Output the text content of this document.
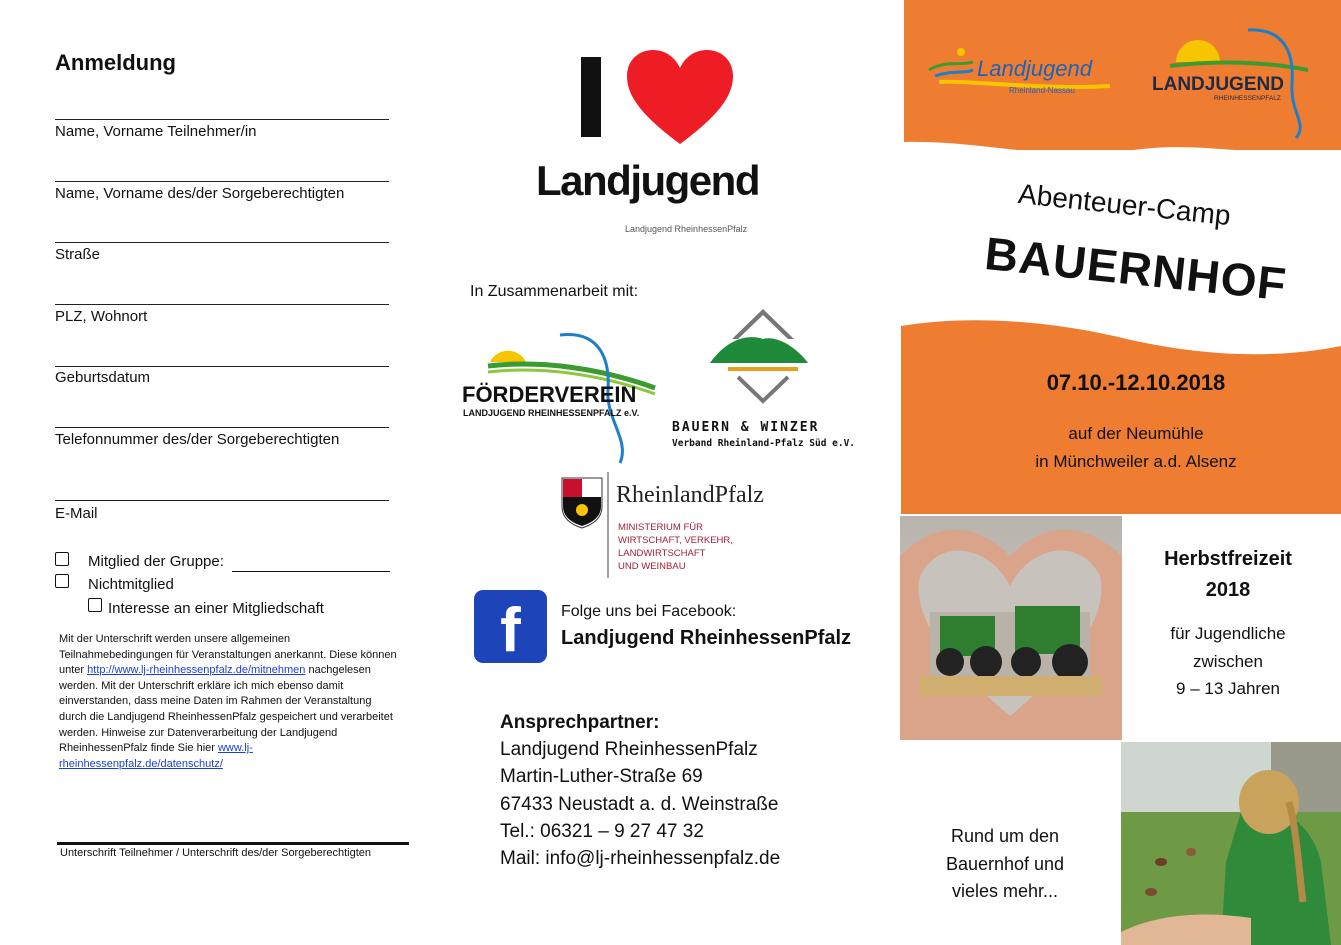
Anmeldung
Name, Vorname Teilnehmer/in
Name, Vorname des/der Sorgeberechtigten
Straße
PLZ, Wohnort
Geburtsdatum
Telefonnummer des/der Sorgeberechtigten
E-Mail
Mitglied der Gruppe:
Nichtmitglied
Interesse an einer Mitgliedschaft
Mit der Unterschrift werden unsere allgemeinen Teilnahmebedingungen für Veranstaltungen anerkannt. Diese können unter http://www.lj-rheinhessenpfalz.de/mitnehmen nachgelesen werden. Mit der Unterschrift erkläre ich mich ebenso damit einverstanden, dass meine Daten im Rahmen der Veranstaltung durch die Landjugend RheinhessenPfalz gespeichert und verarbeitet werden. Hinweise zur Datenverarbeitung der Landjugend RheinhessenPfalz finde Sie hier www.lj-rheinhessenpfalz.de/datenschutz/
Unterschrift Teilnehmer / Unterschrift des/der Sorgeberechtigten
Landjugend
Landjugend RheinhessenPfalz
In Zusammenarbeit mit:
FÖRDERVEREIN
LANDJUGEND RHEINHESSENPFALZ e.V.
BAUERN & WINZER
Verband Rheinland-Pfalz Süd e.V.
RheinlandPfalz
MINISTERIUM FÜR
WIRTSCHAFT, VERKEHR,
LANDWIRTSCHAFT
UND WEINBAU
f	Folge uns bei Facebook:
Landjugend RheinhessenPfalz
Ansprechpartner:
Landjugend RheinhessenPfalz
Martin-Luther-Straße 69
67433 Neustadt a. d. Weinstraße
Tel.: 06321 – 9 27 47 32
Mail: info@lj-rheinhessenpfalz.de
Landjugend
Rheinland-Nassau	LANDJUGEND
RHEINHESSENPFALZ
Abenteuer-Camp
BAUERNHOF
07.10.-12.10.2018
auf der Neumühle
in Münchweiler a.d. Alsenz
Herbstfreizeit
2018
für Jugendliche
zwischen
9 – 13 Jahren
Rund um den
Bauernhof und
vieles mehr...
